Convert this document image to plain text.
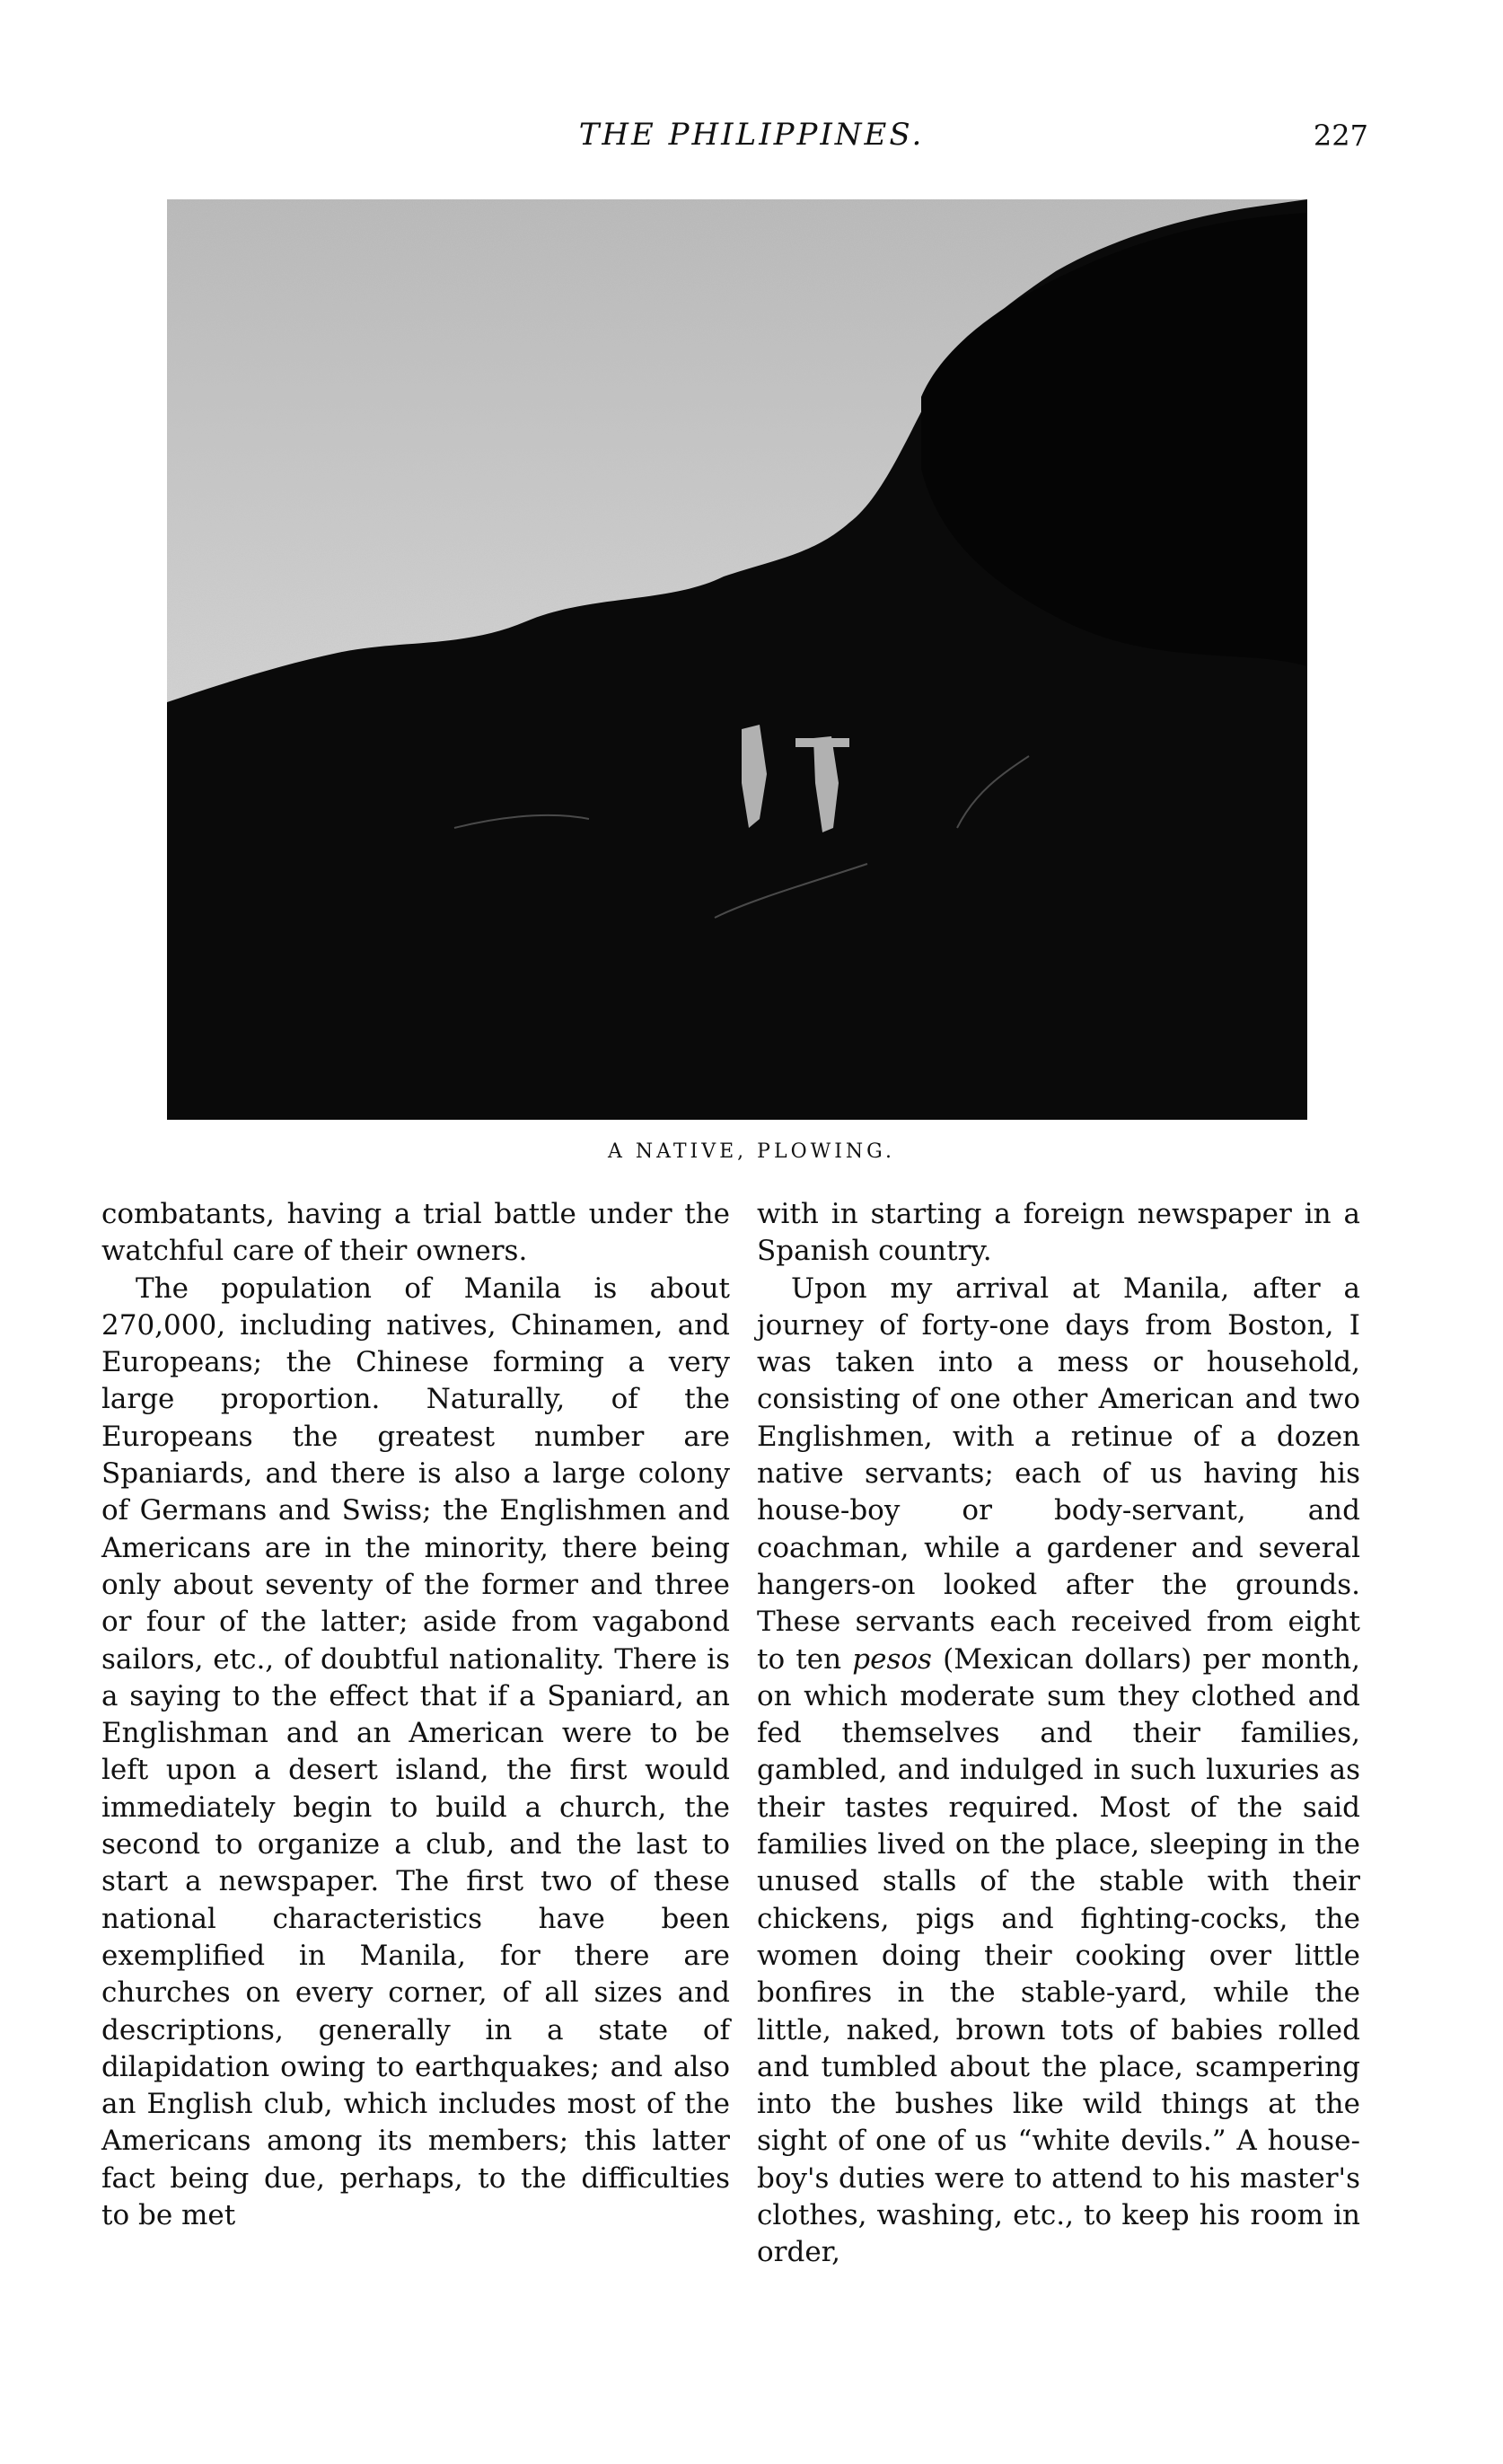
THE PHILIPPINES.	227
A NATIVE, PLOWING.

combatants, having a trial battle under the watchful care of their owners.

The population of Manila is about 270,000, including natives, Chinamen, and Europeans; the Chinese forming a very large proportion. Naturally, of the Europeans the greatest number are Spaniards, and there is also a large colony of Germans and Swiss; the Englishmen and Americans are in the minority, there being only about seventy of the former and three or four of the latter; aside from vagabond sailors, etc., of doubtful nationality. There is a saying to the effect that if a Spaniard, an Englishman and an American were to be left upon a desert island, the first would immediately begin to build a church, the second to organize a club, and the last to start a newspaper. The first two of these national characteristics have been exemplified in Manila, for there are churches on every corner, of all sizes and descriptions, generally in a state of dilapidation owing to earthquakes; and also an English club, which includes most of the Americans among its members; this latter fact being due, perhaps, to the difficulties to be met

with in starting a foreign newspaper in a Spanish country.

Upon my arrival at Manila, after a journey of forty-one days from Boston, I was taken into a mess or household, consisting of one other American and two Englishmen, with a retinue of a dozen native servants; each of us having his house-boy or body-servant, and coachman, while a gardener and several hangers-on looked after the grounds. These servants each received from eight to ten pesos (Mexican dollars) per month, on which moderate sum they clothed and fed themselves and their families, gambled, and indulged in such luxuries as their tastes required. Most of the said families lived on the place, sleeping in the unused stalls of the stable with their chickens, pigs and fighting-cocks, the women doing their cooking over little bonfires in the stable-yard, while the little, naked, brown tots of babies rolled and tumbled about the place, scampering into the bushes like wild things at the sight of one of us “white devils.” A house-boy's duties were to attend to his master's clothes, washing, etc., to keep his room in order,
